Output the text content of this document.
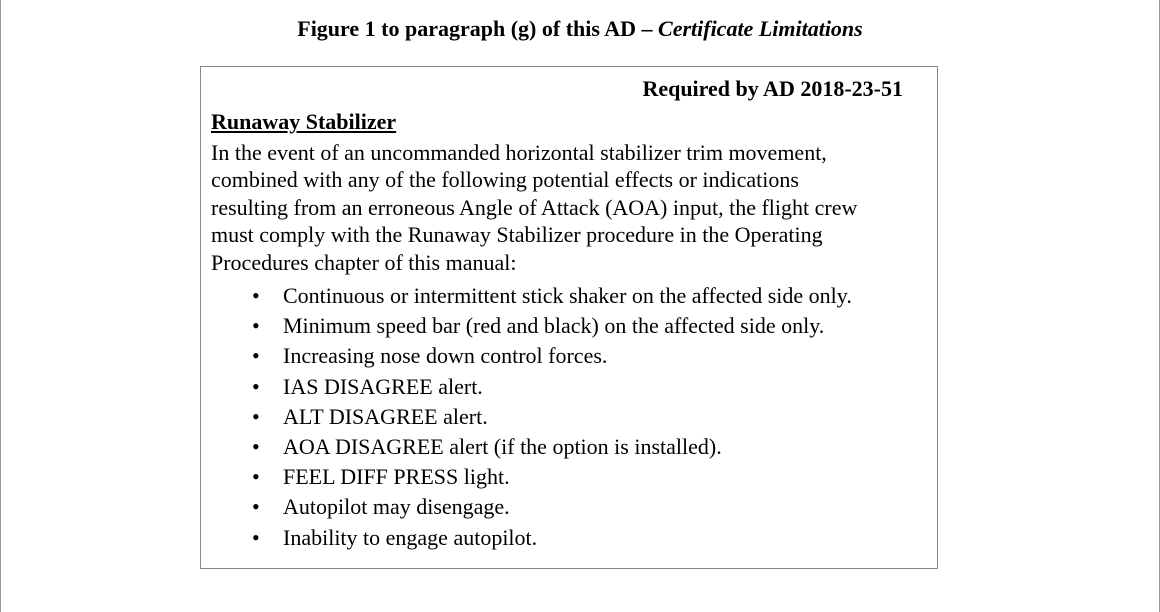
Figure 1 to paragraph (g) of this AD – Certificate Limitations
Required by AD 2018-23-51
Runaway Stabilizer
In the event of an uncommanded horizontal stabilizer trim movement,
combined with any of the following potential effects or indications
resulting from an erroneous Angle of Attack (AOA) input, the flight crew
must comply with the Runaway Stabilizer procedure in the Operating
Procedures chapter of this manual:
• Continuous or intermittent stick shaker on the affected side only.
• Minimum speed bar (red and black) on the affected side only.
• Increasing nose down control forces.
• IAS DISAGREE alert.
• ALT DISAGREE alert.
• AOA DISAGREE alert (if the option is installed).
• FEEL DIFF PRESS light.
• Autopilot may disengage.
• Inability to engage autopilot.
